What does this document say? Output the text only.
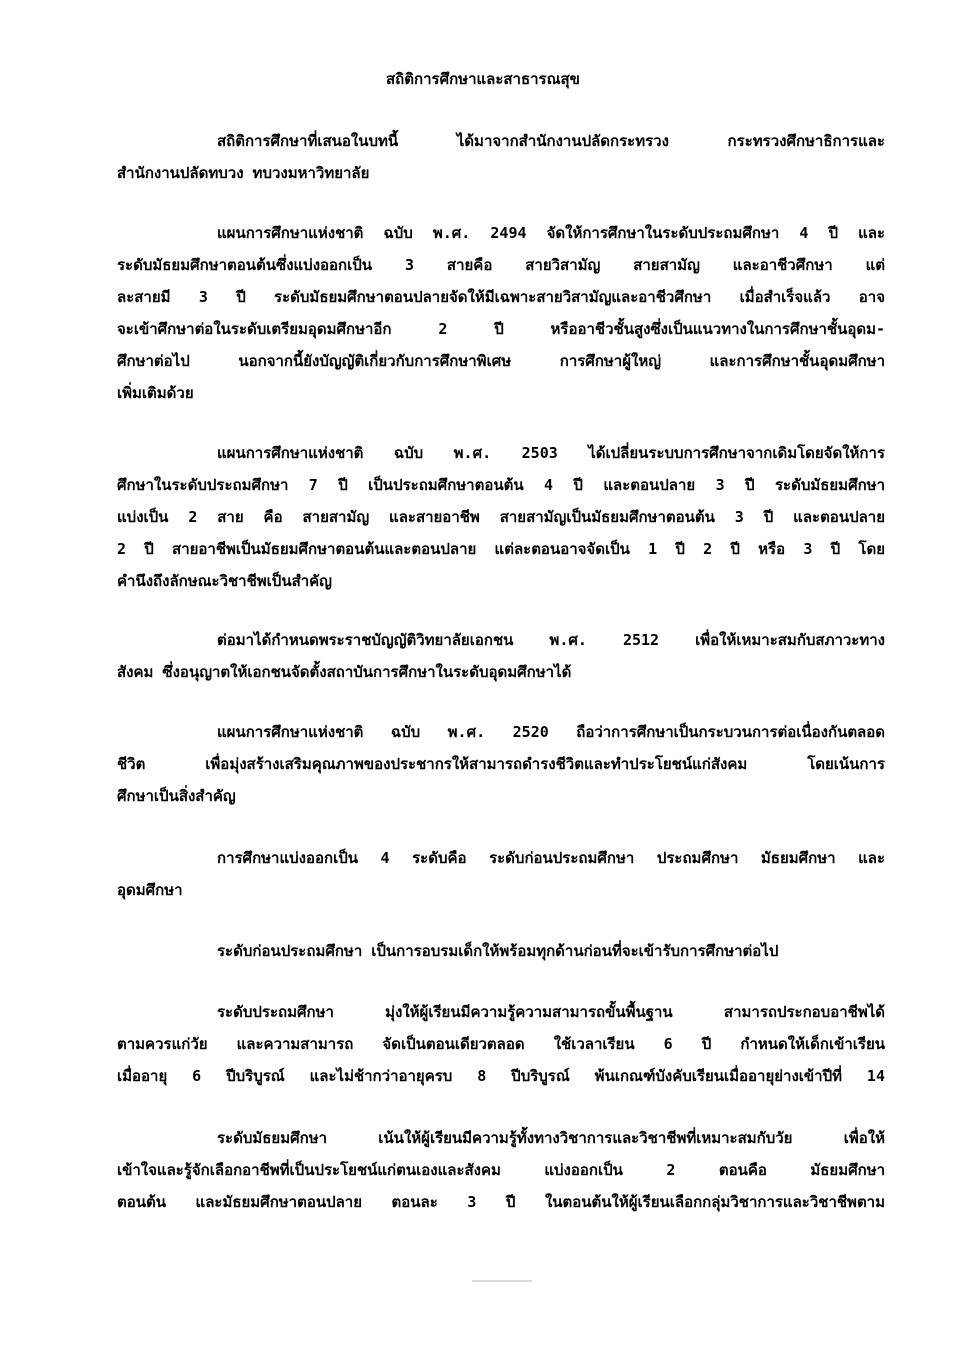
สถิติการศึกษาและสาธารณสุข
สถิติการศึกษาที่เสนอในบทนี้ ได้มาจากสำนักงานปลัดกระทรวง กระทรวงศึกษาธิการและ
สำนักงานปลัดทบวง ทบวงมหาวิทยาลัย
แผนการศึกษาแห่งชาติ ฉบับ พ.ศ. 2494 จัดให้การศึกษาในระดับประถมศึกษา 4 ปี และ
ระดับมัธยมศึกษาตอนต้นซึ่งแบ่งออกเป็น 3 สายคือ สายวิสามัญ สายสามัญ และอาชีวศึกษา แต่
ละสายมี 3 ปี ระดับมัธยมศึกษาตอนปลายจัดให้มีเฉพาะสายวิสามัญและอาชีวศึกษา เมื่อสำเร็จแล้ว อาจ
จะเข้าศึกษาต่อในระดับเตรียมอุดมศึกษาอีก 2 ปี หรืออาชีวชั้นสูงซึ่งเป็นแนวทางในการศึกษาชั้นอุดม-
ศึกษาต่อไป นอกจากนี้ยังบัญญัติเกี่ยวกับการศึกษาพิเศษ การศึกษาผู้ใหญ่ และการศึกษาชั้นอุดมศึกษา
เพิ่มเติมด้วย
แผนการศึกษาแห่งชาติ ฉบับ พ.ศ. 2503 ได้เปลี่ยนระบบการศึกษาจากเดิมโดยจัดให้การ
ศึกษาในระดับประถมศึกษา 7 ปี เป็นประถมศึกษาตอนต้น 4 ปี และตอนปลาย 3 ปี ระดับมัธยมศึกษา
แบ่งเป็น 2 สาย คือ สายสามัญ และสายอาชีพ สายสามัญเป็นมัธยมศึกษาตอนต้น 3 ปี และตอนปลาย
2 ปี สายอาชีพเป็นมัธยมศึกษาตอนต้นและตอนปลาย แต่ละตอนอาจจัดเป็น 1 ปี 2 ปี หรือ 3 ปี โดย
คำนึงถึงลักษณะวิชาชีพเป็นสำคัญ
ต่อมาได้กำหนดพระราชบัญญัติวิทยาลัยเอกชน พ.ศ. 2512 เพื่อให้เหมาะสมกับสภาวะทาง
สังคม ซึ่งอนุญาตให้เอกชนจัดตั้งสถาบันการศึกษาในระดับอุดมศึกษาได้
แผนการศึกษาแห่งชาติ ฉบับ พ.ศ. 2520 ถือว่าการศึกษาเป็นกระบวนการต่อเนื่องกันตลอด
ชีวิต เพื่อมุ่งสร้างเสริมคุณภาพของประชากรให้สามารถดำรงชีวิตและทำประโยชน์แก่สังคม โดยเน้นการ
ศึกษาเป็นสิ่งสำคัญ
การศึกษาแบ่งออกเป็น 4 ระดับคือ ระดับก่อนประถมศึกษา ประถมศึกษา มัธยมศึกษา และ
อุดมศึกษา
ระดับก่อนประถมศึกษา เป็นการอบรมเด็กให้พร้อมทุกด้านก่อนที่จะเข้ารับการศึกษาต่อไป
ระดับประถมศึกษา มุ่งให้ผู้เรียนมีความรู้ความสามารถขั้นพื้นฐาน สามารถประกอบอาชีพได้
ตามควรแก่วัย และความสามารถ จัดเป็นตอนเดียวตลอด ใช้เวลาเรียน 6 ปี กำหนดให้เด็กเข้าเรียน
เมื่ออายุ 6 ปีบริบูรณ์ และไม่ช้ากว่าอายุครบ 8 ปีบริบูรณ์ พ้นเกณฑ์บังคับเรียนเมื่ออายุย่างเข้าปีที่ 14
ระดับมัธยมศึกษา เน้นให้ผู้เรียนมีความรู้ทั้งทางวิชาการและวิชาชีพที่เหมาะสมกับวัย เพื่อให้
เข้าใจและรู้จักเลือกอาชีพที่เป็นประโยชน์แก่ตนเองและสังคม แบ่งออกเป็น 2 ตอนคือ มัธยมศึกษา
ตอนต้น และมัธยมศึกษาตอนปลาย ตอนละ 3 ปี ในตอนต้นให้ผู้เรียนเลือกกลุ่มวิชาการและวิชาชีพตาม
